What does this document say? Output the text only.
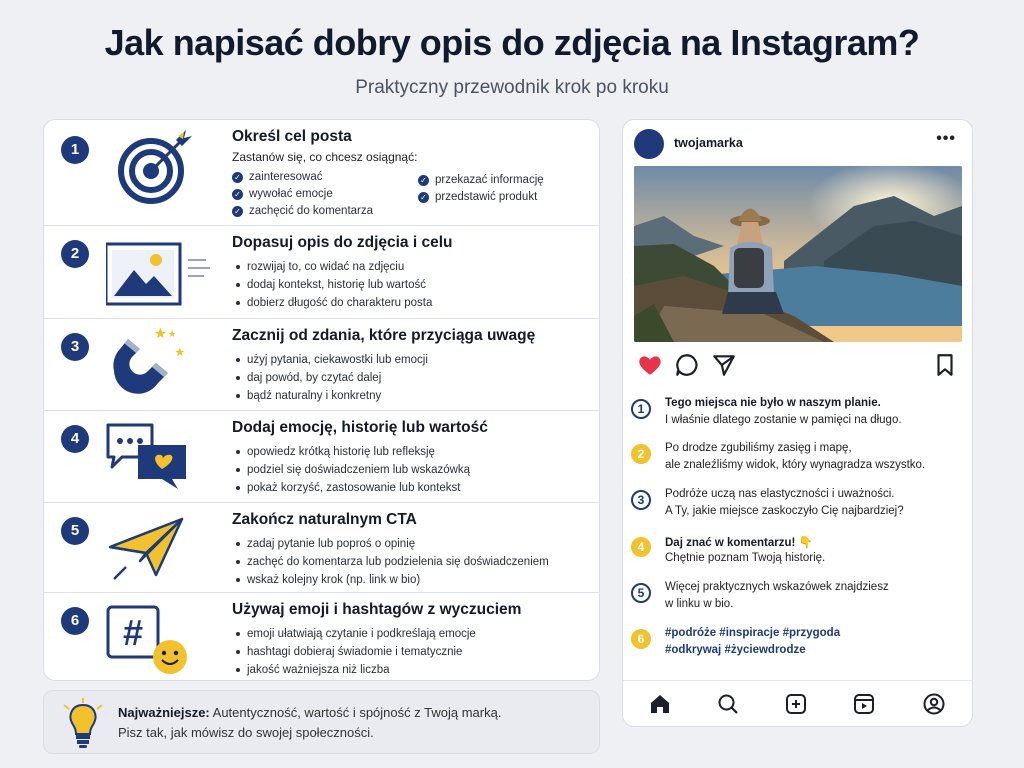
Jak napisać dobry opis do zdjęcia na Instagram?
Praktyczny przewodnik krok po kroku
1
Określ cel posta
Zastanów się, co chcesz osiągnąć:
✓ zainteresować
✓ wywołać emocje
✓ zachęcić do komentarza
✓ przekazać informację
✓ przedstawić produkt
2
Dopasuj opis do zdjęcia i celu
rozwijaj to, co widać na zdjęciu
dodaj kontekst, historię lub wartość
dobierz długość do charakteru posta
3
Zacznij od zdania, które przyciąga uwagę
użyj pytania, ciekawostki lub emocji
daj powód, by czytać dalej
bądź naturalny i konkretny
4
Dodaj emocję, historię lub wartość
opowiedz krótką historię lub refleksję
podziel się doświadczeniem lub wskazówką
pokaż korzyść, zastosowanie lub kontekst
5
Zakończ naturalnym CTA
zadaj pytanie lub poproś o opinię
zachęć do komentarza lub podzielenia się doświadczeniem
wskaż kolejny krok (np. link w bio)
6 #
Używaj emoji i hashtagów z wyczuciem
emoji ułatwiają czytanie i podkreślają emocje
hashtagi dobieraj świadomie i tematycznie
jakość ważniejsza niż liczba
Najważniejsze: Autentyczność, wartość i spójność z Twoją marką.
Pisz tak, jak mówisz do swojej społeczności.
twojamarka	•••
1	Tego miejsca nie było w naszym planie.
I właśnie dlatego zostanie w pamięci na długo.
2	Po drodze zgubiliśmy zasięg i mapę,
ale znaleźliśmy widok, który wynagradza wszystko.
3	Podróże uczą nas elastyczności i uważności.
A Ty, jakie miejsce zaskoczyło Cię najbardziej?
4	Daj znać w komentarzu! 👇
Chętnie poznam Twoją historię.
5	Więcej praktycznych wskazówek znajdziesz
w linku w bio.
6	#podróże #inspiracje #przygoda
#odkrywaj #życiewdrodze
